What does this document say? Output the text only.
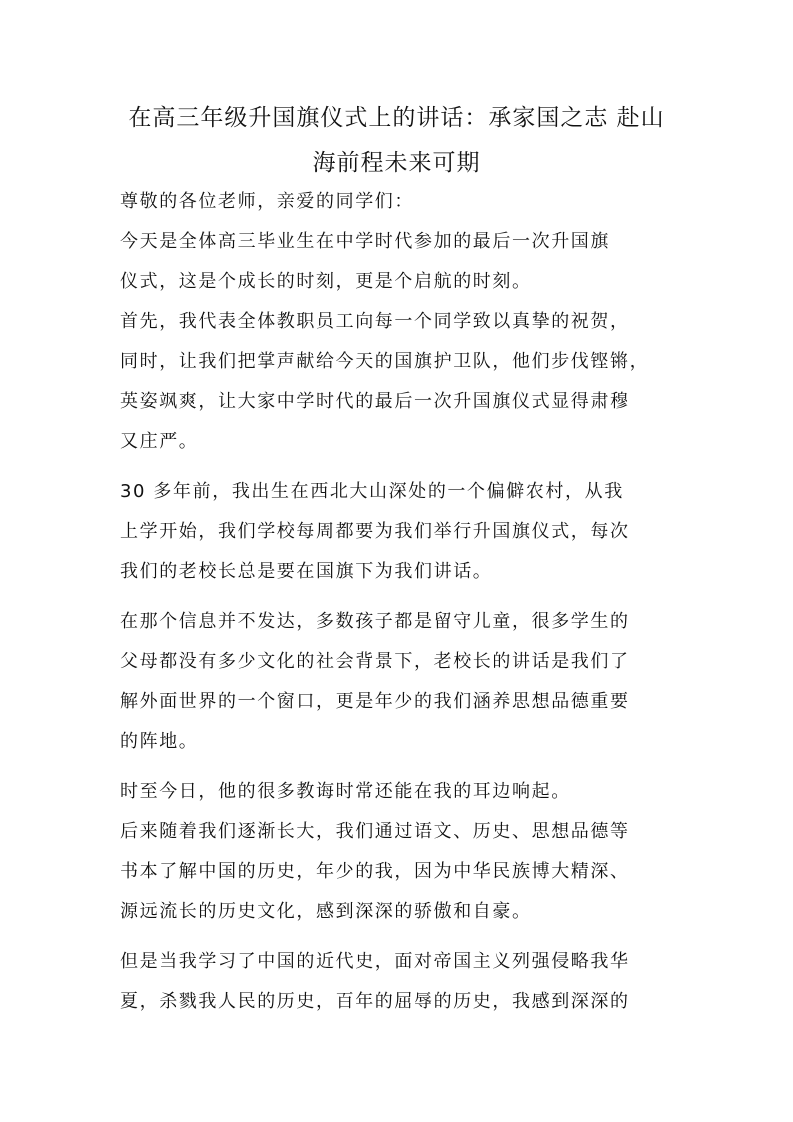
在高三年级升国旗仪式上的讲话：承家国之志 赴山
海前程未来可期
尊敬的各位老师，亲爱的同学们：
今天是全体高三毕业生在中学时代参加的最后一次升国旗
仪式，这是个成长的时刻，更是个启航的时刻。
首先，我代表全体教职员工向每一个同学致以真挚的祝贺，
同时，让我们把掌声献给今天的国旗护卫队，他们步伐铿锵，
英姿飒爽，让大家中学时代的最后一次升国旗仪式显得肃穆
又庄严。
30 多年前，我出生在西北大山深处的一个偏僻农村，从我
上学开始，我们学校每周都要为我们举行升国旗仪式，每次
我们的老校长总是要在国旗下为我们讲话。
在那个信息并不发达，多数孩子都是留守儿童，很多学生的
父母都没有多少文化的社会背景下，老校长的讲话是我们了
解外面世界的一个窗口，更是年少的我们涵养思想品德重要
的阵地。
时至今日，他的很多教诲时常还能在我的耳边响起。
后来随着我们逐渐长大，我们通过语文、历史、思想品德等
书本了解中国的历史，年少的我，因为中华民族博大精深、
源远流长的历史文化，感到深深的骄傲和自豪。
但是当我学习了中国的近代史，面对帝国主义列强侵略我华
夏，杀戮我人民的历史，百年的屈辱的历史，我感到深深的
